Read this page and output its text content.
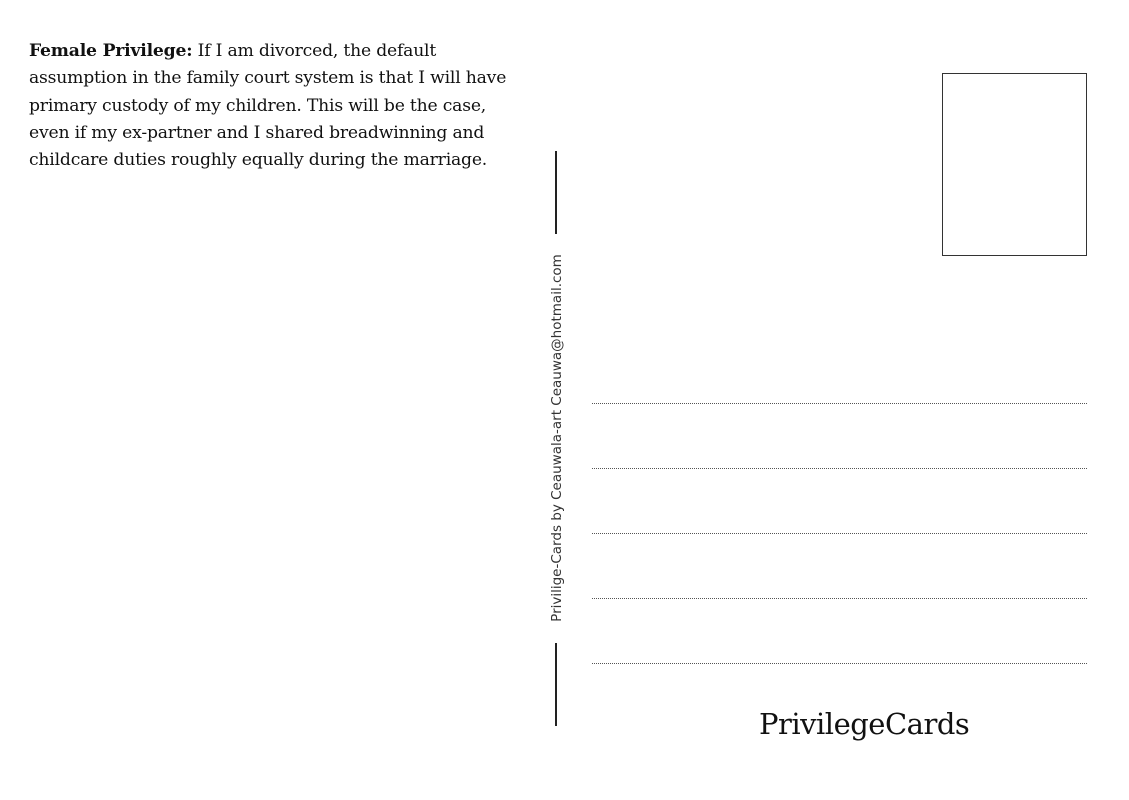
Female Privilege: If I am divorced, the default assumption in the family court system is that I will have primary custody of my children. This will be the case, even if my ex-partner and I shared breadwinning and childcare duties roughly equally during the marriage.

Privilige-Cards by Ceauwala-art Ceauwa@hotmail.com
PrivilegeCards
